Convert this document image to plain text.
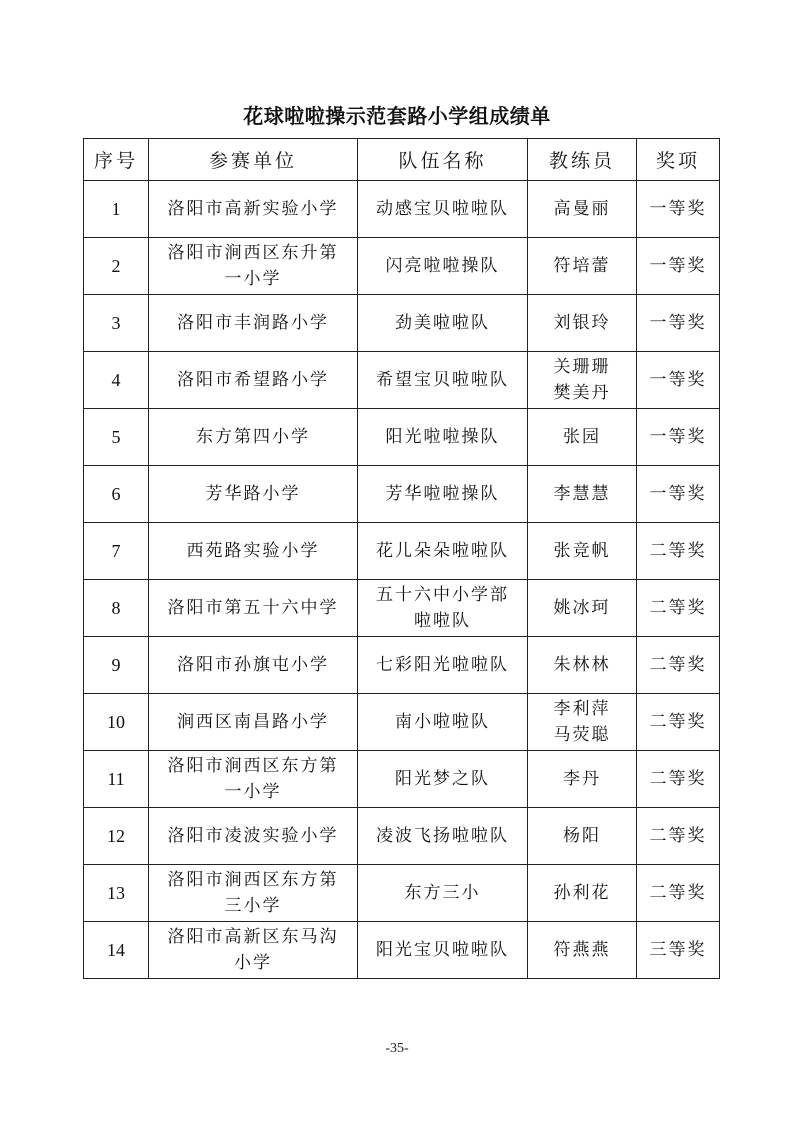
花球啦啦操示范套路小学组成绩单
序号	参赛单位	队伍名称	教练员	奖项
1	洛阳市高新实验小学	动感宝贝啦啦队	高曼丽	一等奖
2	洛阳市涧西区东升第
一小学	闪亮啦啦操队	符培蕾	一等奖
3	洛阳市丰润路小学	劲美啦啦队	刘银玲	一等奖
4	洛阳市希望路小学	希望宝贝啦啦队	关珊珊
樊美丹	一等奖
5	东方第四小学	阳光啦啦操队	张园	一等奖
6	芳华路小学	芳华啦啦操队	李慧慧	一等奖
7	西苑路实验小学	花儿朵朵啦啦队	张竞帆	二等奖
8	洛阳市第五十六中学	五十六中小学部
啦啦队	姚冰珂	二等奖
9	洛阳市孙旗屯小学	七彩阳光啦啦队	朱林林	二等奖
10	涧西区南昌路小学	南小啦啦队	李利萍
马荧聪	二等奖
11	洛阳市涧西区东方第
一小学	阳光梦之队	李丹	二等奖
12	洛阳市凌波实验小学	凌波飞扬啦啦队	杨阳	二等奖
13	洛阳市涧西区东方第
三小学	东方三小	孙利花	二等奖
14	洛阳市高新区东马沟
小学	阳光宝贝啦啦队	符燕燕	三等奖
-35-
